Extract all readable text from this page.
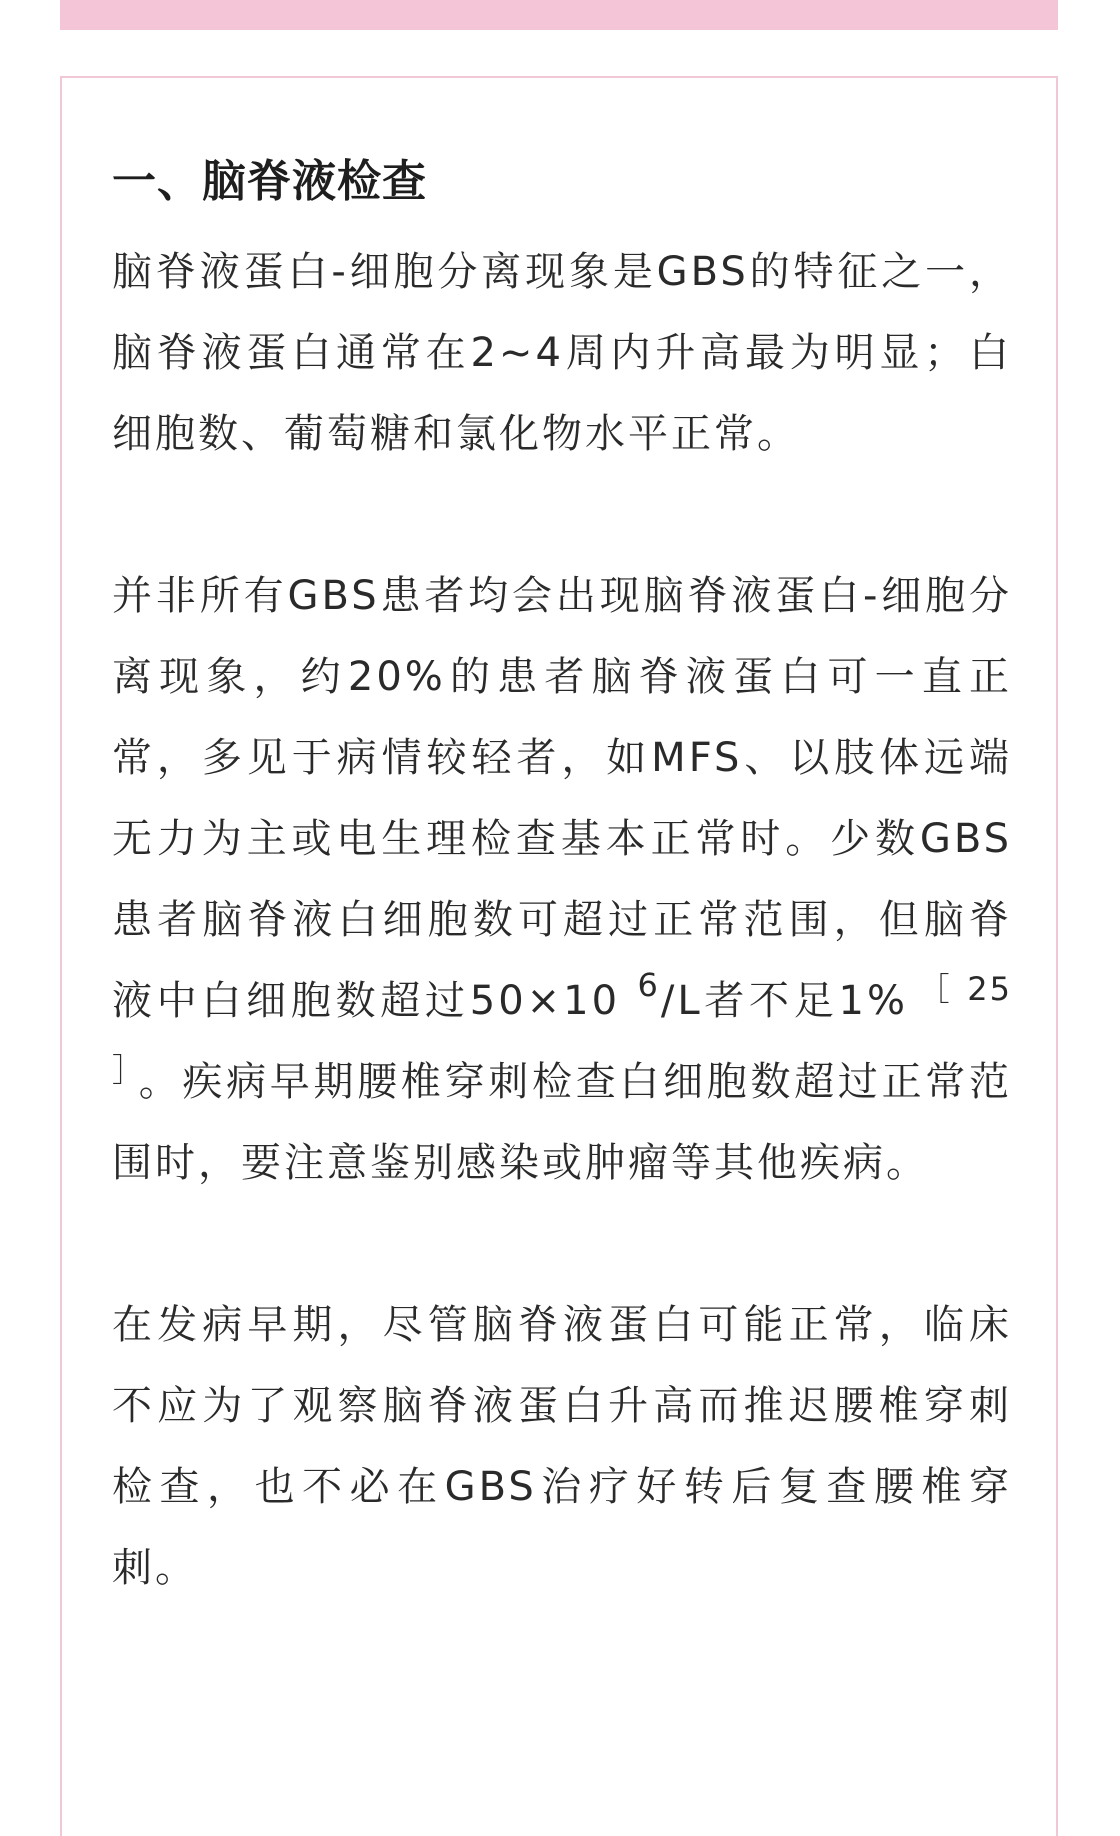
一、脑脊液检查

脑脊液蛋白-细胞分离现象是GBS的特征之一，脑脊液蛋白通常在2~4周内升高最为明显；白细胞数、葡萄糖和氯化物水平正常。

并非所有GBS患者均会出现脑脊液蛋白-细胞分离现象，约20%的患者脑脊液蛋白可一直正常，多见于病情较轻者，如MFS、以肢体远端无力为主或电生理检查基本正常时。少数GBS患者脑脊液白细胞数可超过正常范围，但脑脊液中白细胞数超过50×10 $^6$/L者不足1% $^{[ 25 ]}$ 。疾病早期腰椎穿刺检查白细胞数超过正常范围时，要注意鉴别感染或肿瘤等其他疾病。

在发病早期，尽管脑脊液蛋白可能正常，临床不应为了观察脑脊液蛋白升高而推迟腰椎穿刺检查，也不必在GBS治疗好转后复查腰椎穿刺。
